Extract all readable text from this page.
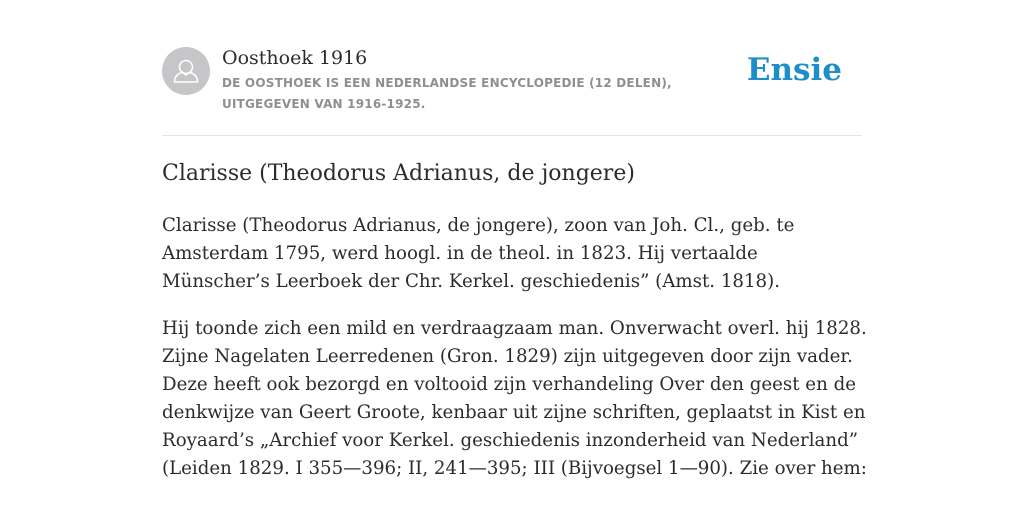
Oosthoek 1916
DE OOSTHOEK IS EEN NEDERLANDSE ENCYCLOPEDIE (12 DELEN), UITGEGEVEN VAN 1916-1925.
Ensie
Clarisse (Theodorus Adrianus, de jongere)

Clarisse (Theodorus Adrianus, de jongere), zoon van Joh. Cl., geb. te Amsterdam 1795, werd hoogl. in de theol. in 1823. Hij vertaalde Münscher’s Leerboek der Chr. Kerkel. geschiedenis” (Amst. 1818).

Hij toonde zich een mild en verdraagzaam man. Onverwacht overl. hij 1828. Zijne Nagelaten Leerredenen (Gron. 1829) zijn uitgegeven door zijn vader. Deze heeft ook bezorgd en voltooid zijn verhandeling Over den geest en de denkwijze van Geert Groote, kenbaar uit zijne schriften, geplaatst in Kist en Royaard’s „Archief voor Kerkel. geschiedenis inzonderheid van Nederland” (Leiden 1829. I 355—396; II, 241—395; III (Bijvoegsel 1—90). Zie over hem:
